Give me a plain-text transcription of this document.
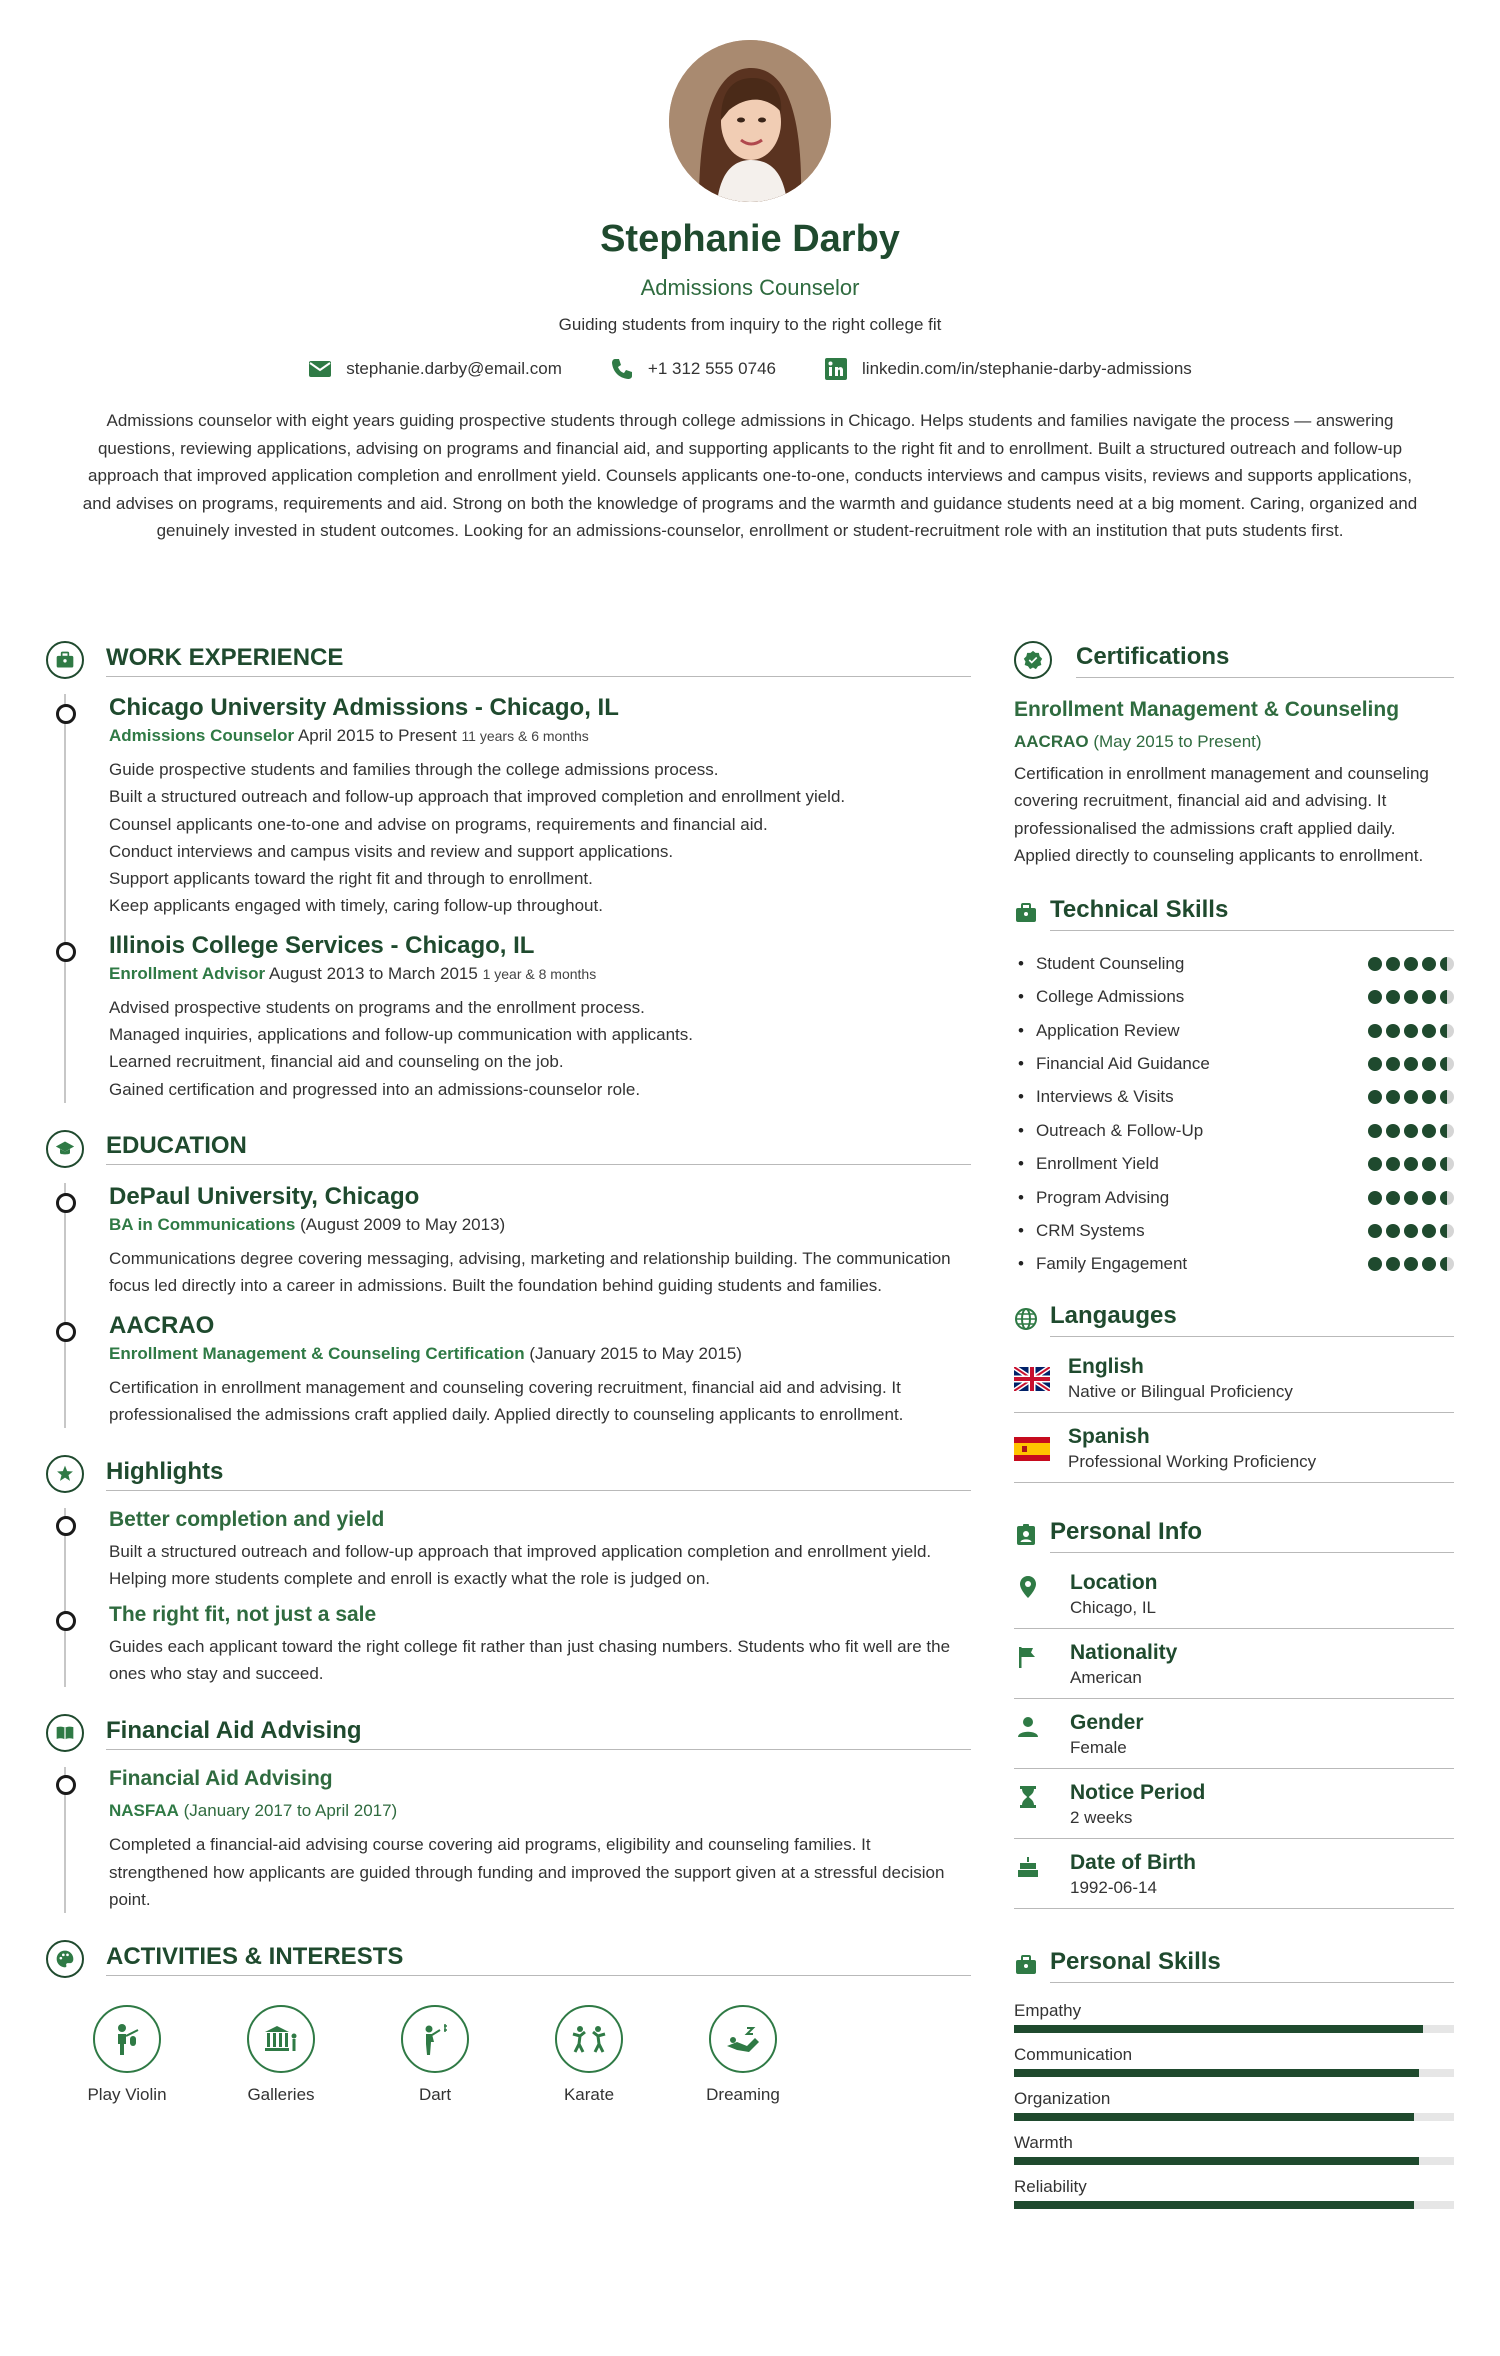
Stephanie Darby
Admissions Counselor
Guiding students from inquiry to the right college fit
stephanie.darby@email.com	+1 312 555 0746	linkedin.com/in/stephanie-darby-admissions
Admissions counselor with eight years guiding prospective students through college admissions in Chicago. Helps students and families navigate the process — answering questions, reviewing applications, advising on programs and financial aid, and supporting applicants to the right fit and to enrollment. Built a structured outreach and follow-up approach that improved application completion and enrollment yield. Counsels applicants one-to-one, conducts interviews and campus visits, reviews and supports applications, and advises on programs, requirements and aid. Strong on both the knowledge of programs and the warmth and guidance students need at a big moment. Caring, organized and genuinely invested in student outcomes. Looking for an admissions-counselor, enrollment or student-recruitment role with an institution that puts students first.
WORK EXPERIENCE
Chicago University Admissions - Chicago, IL
Admissions Counselor April 2015 to Present 11 years & 6 months
Guide prospective students and families through the college admissions process.
Built a structured outreach and follow-up approach that improved completion and enrollment yield.
Counsel applicants one-to-one and advise on programs, requirements and financial aid.
Conduct interviews and campus visits and review and support applications.
Support applicants toward the right fit and through to enrollment.
Keep applicants engaged with timely, caring follow-up throughout.
Illinois College Services - Chicago, IL
Enrollment Advisor August 2013 to March 2015 1 year & 8 months
Advised prospective students on programs and the enrollment process.
Managed inquiries, applications and follow-up communication with applicants.
Learned recruitment, financial aid and counseling on the job.
Gained certification and progressed into an admissions-counselor role.
EDUCATION
DePaul University, Chicago
BA in Communications (August 2009 to May 2013)
Communications degree covering messaging, advising, marketing and relationship building. The communication focus led directly into a career in admissions. Built the foundation behind guiding students and families.
AACRAO
Enrollment Management & Counseling Certification (January 2015 to May 2015)
Certification in enrollment management and counseling covering recruitment, financial aid and advising. It professionalised the admissions craft applied daily. Applied directly to counseling applicants to enrollment.
Highlights
Better completion and yield
Built a structured outreach and follow-up approach that improved application completion and enrollment yield. Helping more students complete and enroll is exactly what the role is judged on.
The right fit, not just a sale
Guides each applicant toward the right college fit rather than just chasing numbers. Students who fit well are the ones who stay and succeed.
Financial Aid Advising
Financial Aid Advising
NASFAA (January 2017 to April 2017)
Completed a financial-aid advising course covering aid programs, eligibility and counseling families. It strengthened how applicants are guided through funding and improved the support given at a stressful decision point.
ACTIVITIES & INTERESTS
Play Violin	Galleries	Dart	Karate	Dreaming
Certifications
Enrollment Management & Counseling
AACRAO (May 2015 to Present)
Certification in enrollment management and counseling covering recruitment, financial aid and advising. It professionalised the admissions craft applied daily. Applied directly to counseling applicants to enrollment.
Technical Skills
• Student Counseling
• College Admissions
• Application Review
• Financial Aid Guidance
• Interviews & Visits
• Outreach & Follow-Up
• Enrollment Yield
• Program Advising
• CRM Systems
• Family Engagement
Langauges
English
Native or Bilingual Proficiency
Spanish
Professional Working Proficiency
Personal Info
Location
Chicago, IL
Nationality
American
Gender
Female
Notice Period
2 weeks
Date of Birth
1992-06-14
Personal Skills
Empathy
Communication
Organization
Warmth
Reliability
